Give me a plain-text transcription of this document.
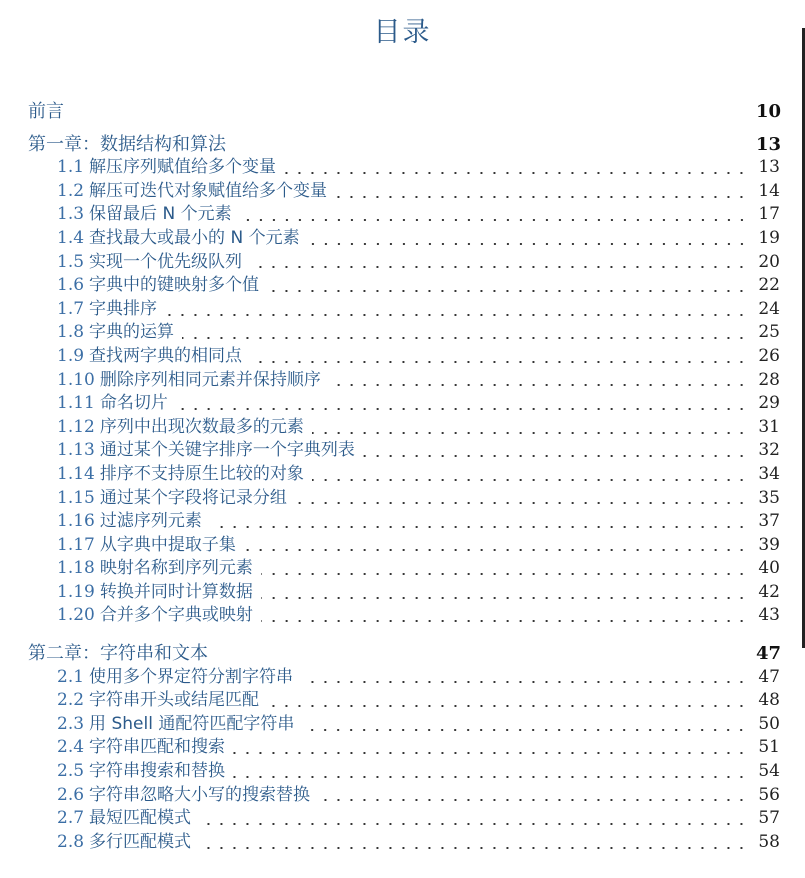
目录
前言	10
第一章：数据结构和算法	13
1.1 解压序列赋值给多个变量	13
1.2 解压可迭代对象赋值给多个变量	14
1.3 保留最后 N 个元素	17
1.4 查找最大或最小的 N 个元素	19
1.5 实现一个优先级队列	20
1.6 字典中的键映射多个值	22
1.7 字典排序	24
1.8 字典的运算	25
1.9 查找两字典的相同点	26
1.10 删除序列相同元素并保持顺序	28
1.11 命名切片	29
1.12 序列中出现次数最多的元素	31
1.13 通过某个关键字排序一个字典列表	32
1.14 排序不支持原生比较的对象	34
1.15 通过某个字段将记录分组	35
1.16 过滤序列元素	37
1.17 从字典中提取子集	39
1.18 映射名称到序列元素	40
1.19 转换并同时计算数据	42
1.20 合并多个字典或映射	43
第二章：字符串和文本	47
2.1 使用多个界定符分割字符串	47
2.2 字符串开头或结尾匹配	48
2.3 用 Shell 通配符匹配字符串	50
2.4 字符串匹配和搜索	51
2.5 字符串搜索和替换	54
2.6 字符串忽略大小写的搜索替换	56
2.7 最短匹配模式	57
2.8 多行匹配模式	58
